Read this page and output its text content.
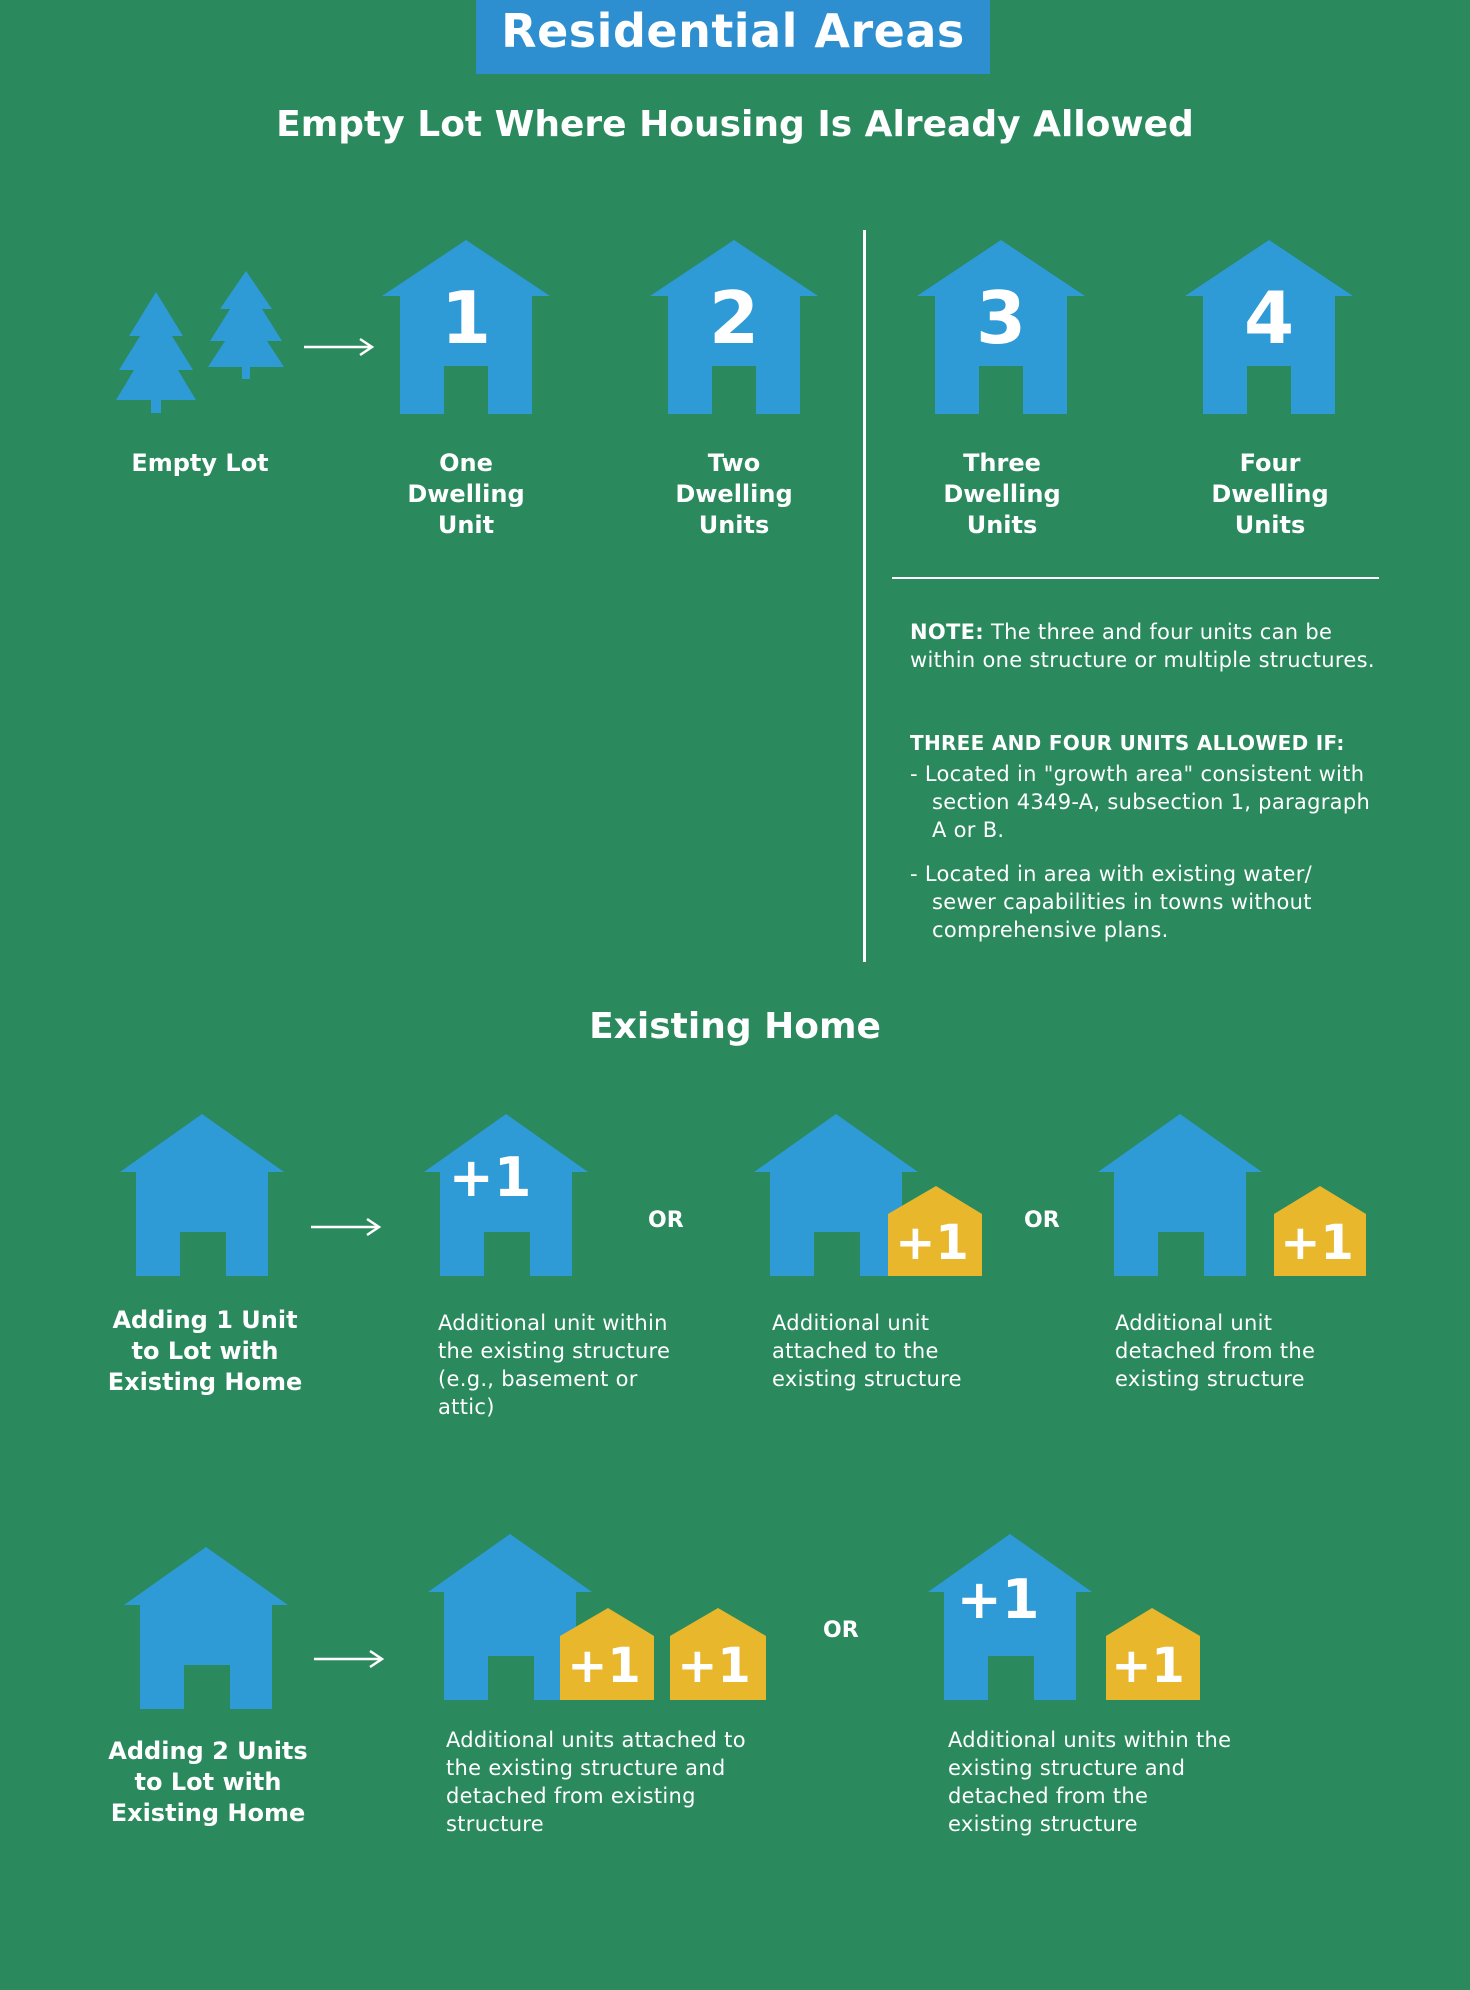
Residential Areas
Empty Lot Where Housing Is Already Allowed
Empty Lot
1	2	3	4
One
Dwelling
Unit
Two
Dwelling
Units
Three
Dwelling
Units
Four
Dwelling
Units
NOTE: The three and four units can be within one structure or multiple structures.
THREE AND FOUR UNITS ALLOWED IF:
- Located in "growth area" consistent with section 4349-A, subsection 1, paragraph A or B.
- Located in area with existing water/ sewer capabilities in towns without comprehensive plans.
Existing Home
Adding 1 Unit
to Lot with
Existing Home
+1
OR
Additional unit within the existing structure (e.g., basement or attic)
+1	OR
Additional unit attached to the existing structure
+1
Additional unit detached from the existing structure
Adding 2 Units
to Lot with
Existing Home
+1 +1
OR
Additional units attached to the existing structure and detached from existing structure
+1
+1
Additional units within the existing structure and detached from the existing structure
